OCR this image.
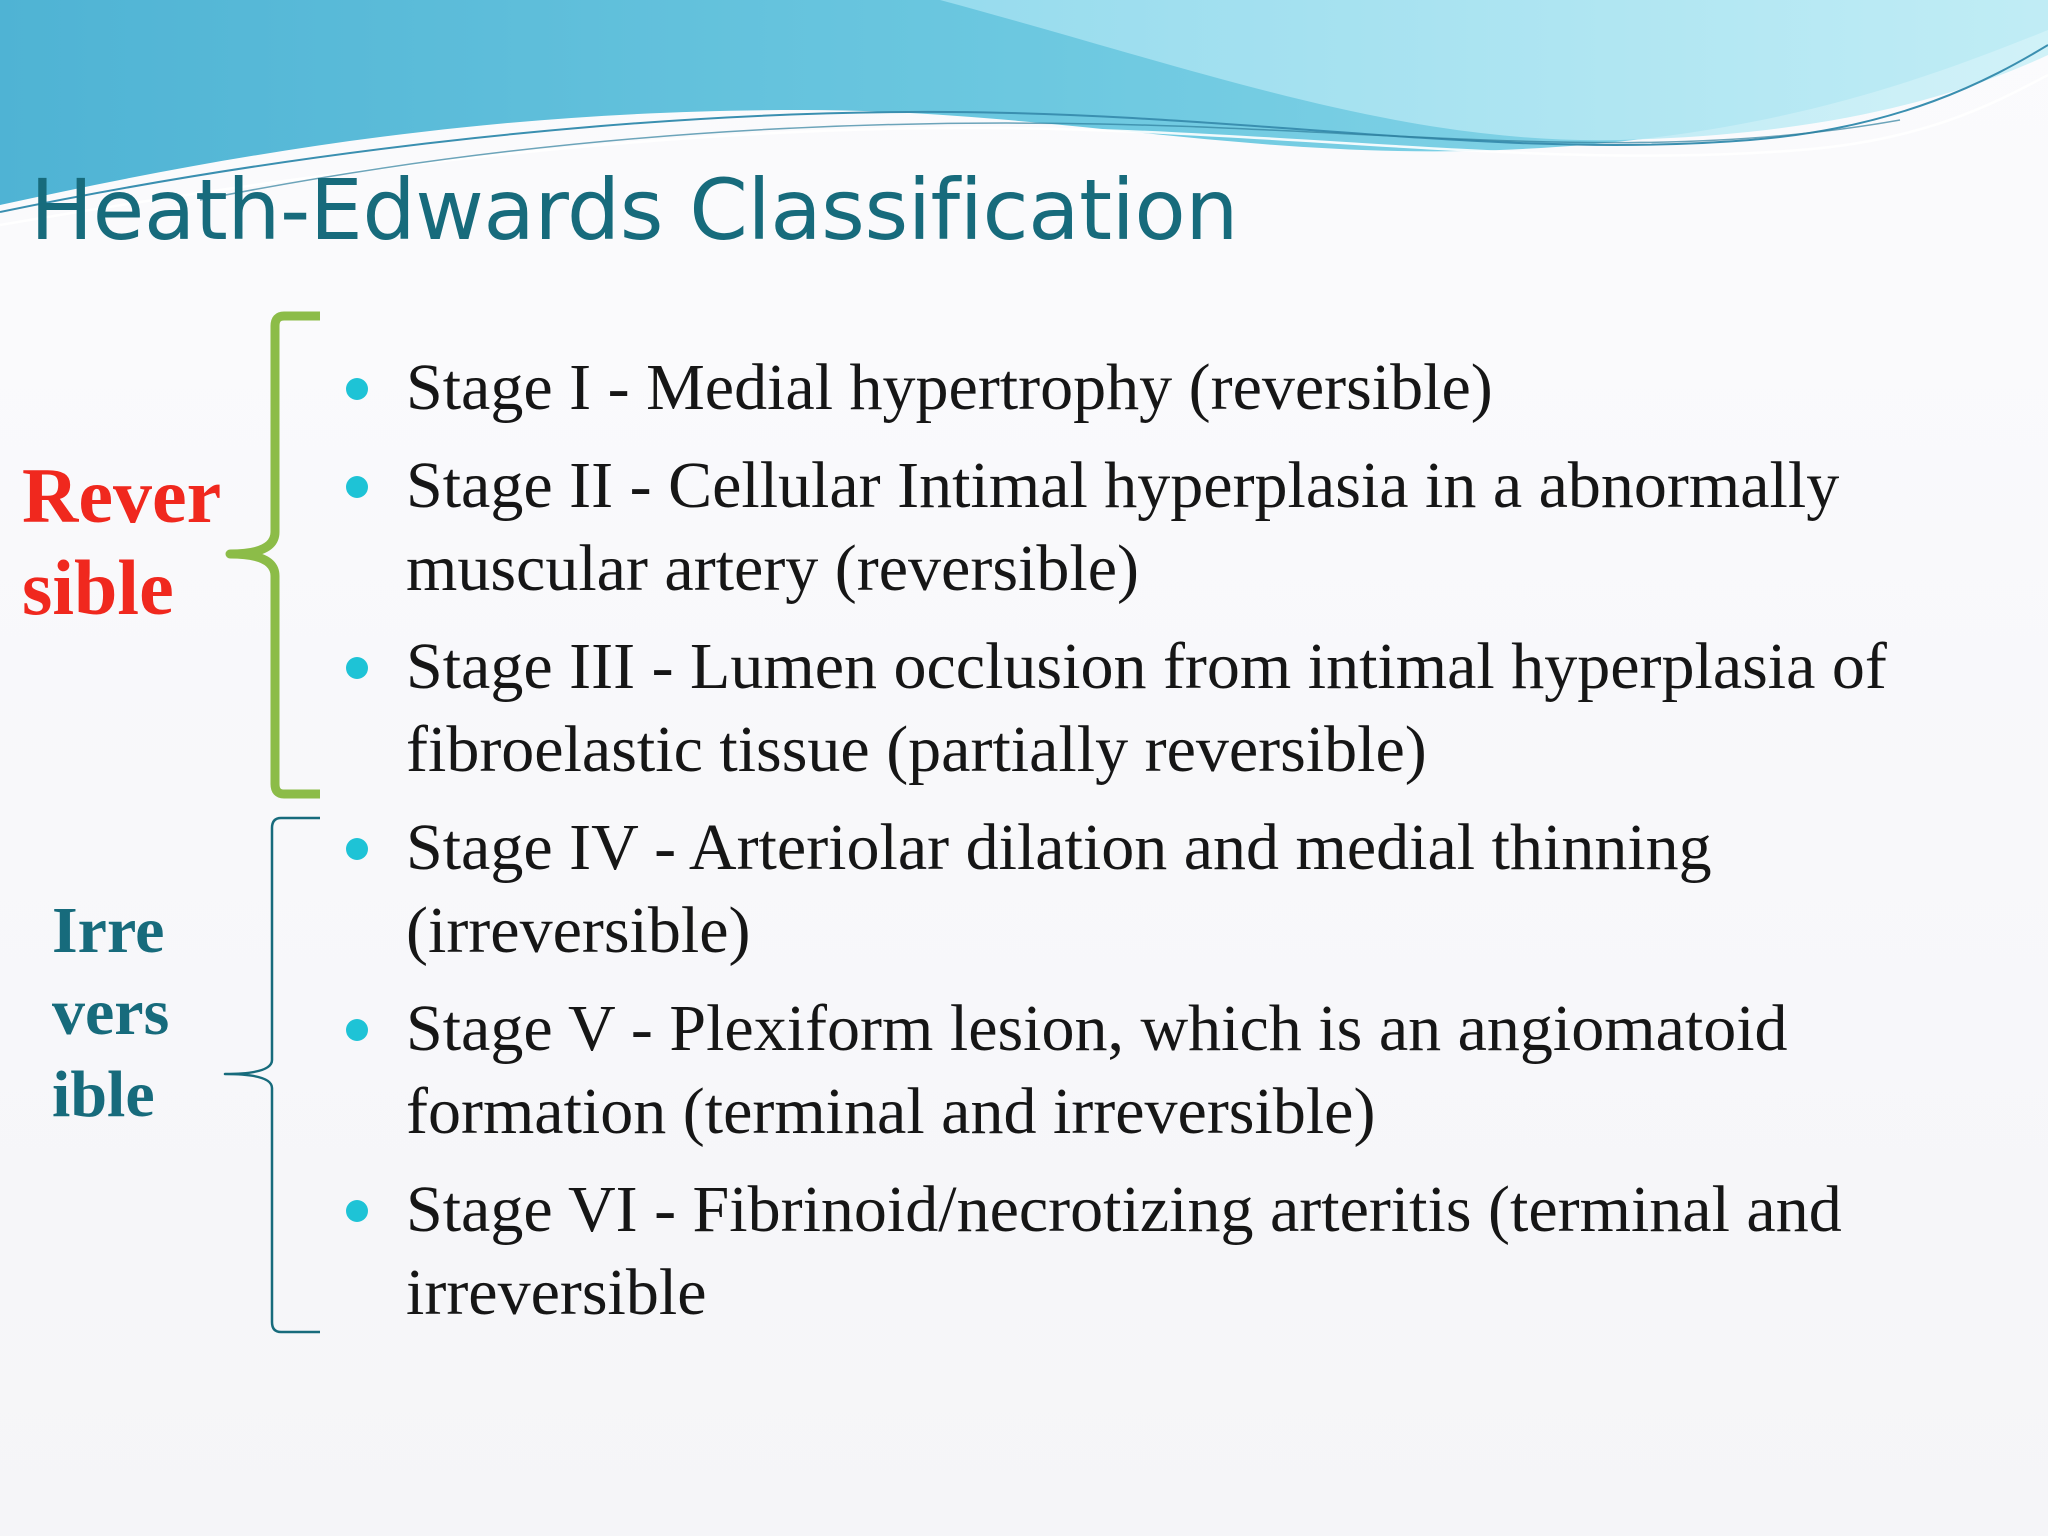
Heath-Edwards Classification
Rever
sible
Irre
vers
ible
Stage I - Medial hypertrophy (reversible)
Stage II - Cellular Intimal hyperplasia in a abnormally
muscular artery (reversible)
Stage III - Lumen occlusion from intimal hyperplasia of
fibroelastic tissue (partially reversible)
Stage IV - Arteriolar dilation and medial thinning
(irreversible)
Stage V - Plexiform lesion, which is an angiomatoid
formation (terminal and irreversible)
Stage VI - Fibrinoid/necrotizing arteritis (terminal and
irreversible
